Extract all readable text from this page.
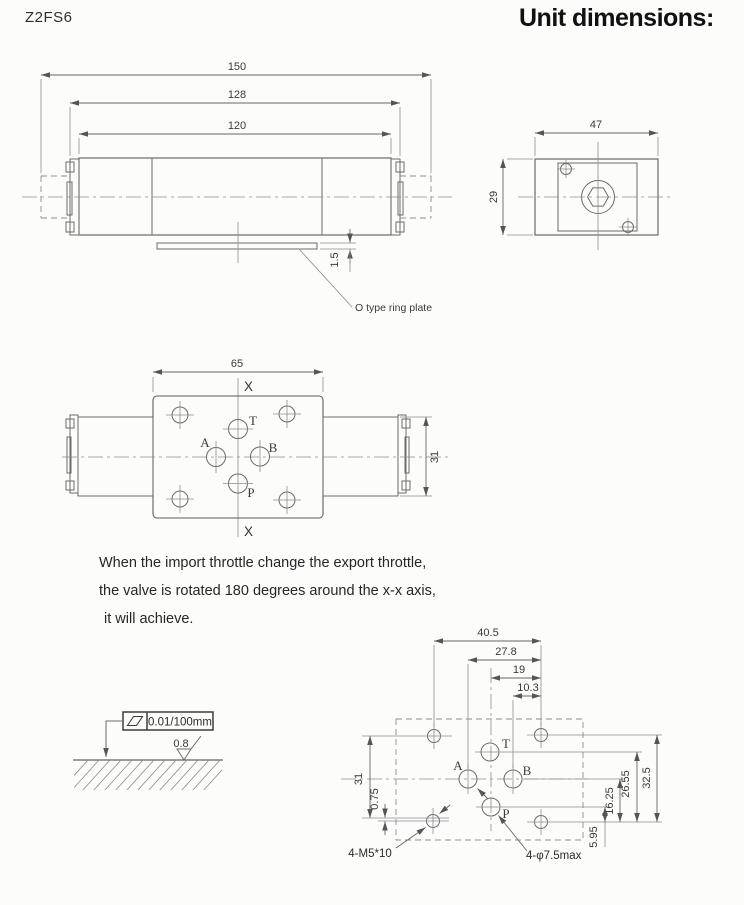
Z2FS6	Unit dimensions:
When the import throttle change the export throttle,
the valve is rotated 180 degrees around the x-x axis,
it will achieve.
150
128
120
1.5
O type ring plate
47
29
65
X
X
T
A	B
P
31
0.01/100mm
0.8	T
A	B
P
40.5
27.8
19
10.3
31
0.75
32.5
26.55
16.25
5.95
4-M5*10	4-φ7.5max
